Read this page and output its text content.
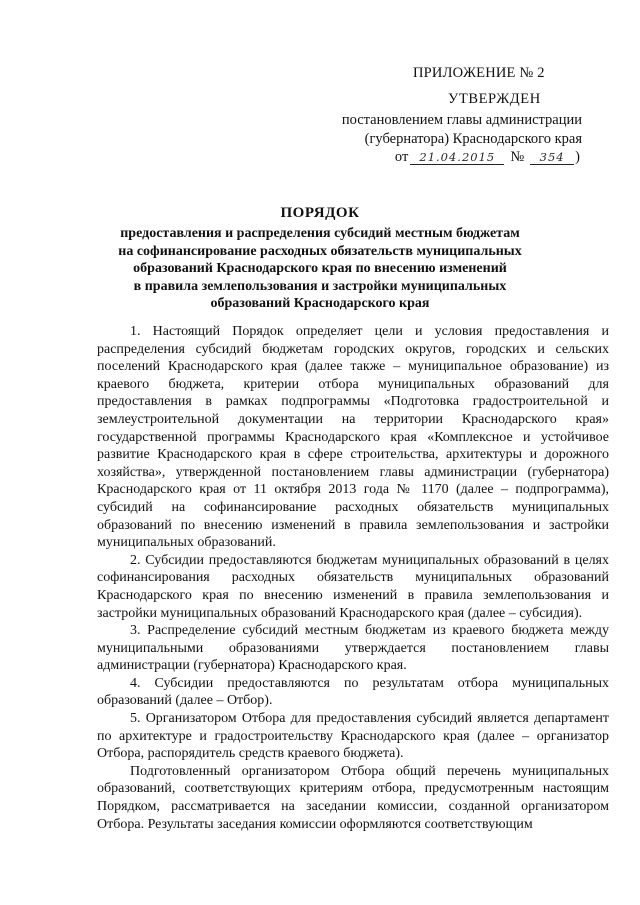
ПРИЛОЖЕНИЕ № 2
УТВЕРЖДЕН
постановлением главы администрации
(губернатора) Краснодарского края
от 21.04.2015 № 354 )
ПОРЯДОК
предоставления и распределения субсидий местным бюджетам
на софинансирование расходных обязательств муниципальных
образований Краснодарского края по внесению изменений
в правила землепользования и застройки муниципальных
образований Краснодарского края

1. Настоящий Порядок определяет цели и условия предоставления и распределения субсидий бюджетам городских округов, городских и сельских поселений Краснодарского края (далее также – муниципальное образование) из краевого бюджета, критерии отбора муниципальных образований для предоставления в рамках подпрограммы «Подготовка градостроительной и землеустроительной документации на территории Краснодарского края» государственной программы Краснодарского края «Комплексное и устойчивое развитие Краснодарского края в сфере строительства, архитектуры и дорожного хозяйства», утвержденной постановлением главы администрации (губернатора) Краснодарского края от 11 октября 2013 года № 1170 (далее – подпрограмма), субсидий на софинансирование расходных обязательств муниципальных образований по внесению изменений в правила землепользования и застройки муниципальных образований.

2. Субсидии предоставляются бюджетам муниципальных образований в целях софинансирования расходных обязательств муниципальных образований Краснодарского края по внесению изменений в правила землепользования и застройки муниципальных образований Краснодарского края (далее – субсидия).

3. Распределение субсидий местным бюджетам из краевого бюджета между муниципальными образованиями утверждается постановлением главы администрации (губернатора) Краснодарского края.

4. Субсидии предоставляются по результатам отбора муниципальных образований (далее – Отбор).

5. Организатором Отбора для предоставления субсидий является департамент по архитектуре и градостроительству Краснодарского края (далее – организатор Отбора, распорядитель средств краевого бюджета).

Подготовленный организатором Отбора общий перечень муниципальных образований, соответствующих критериям отбора, предусмотренным настоящим Порядком, рассматривается на заседании комиссии, созданной организатором Отбора. Результаты заседания комиссии оформляются соответствующим
